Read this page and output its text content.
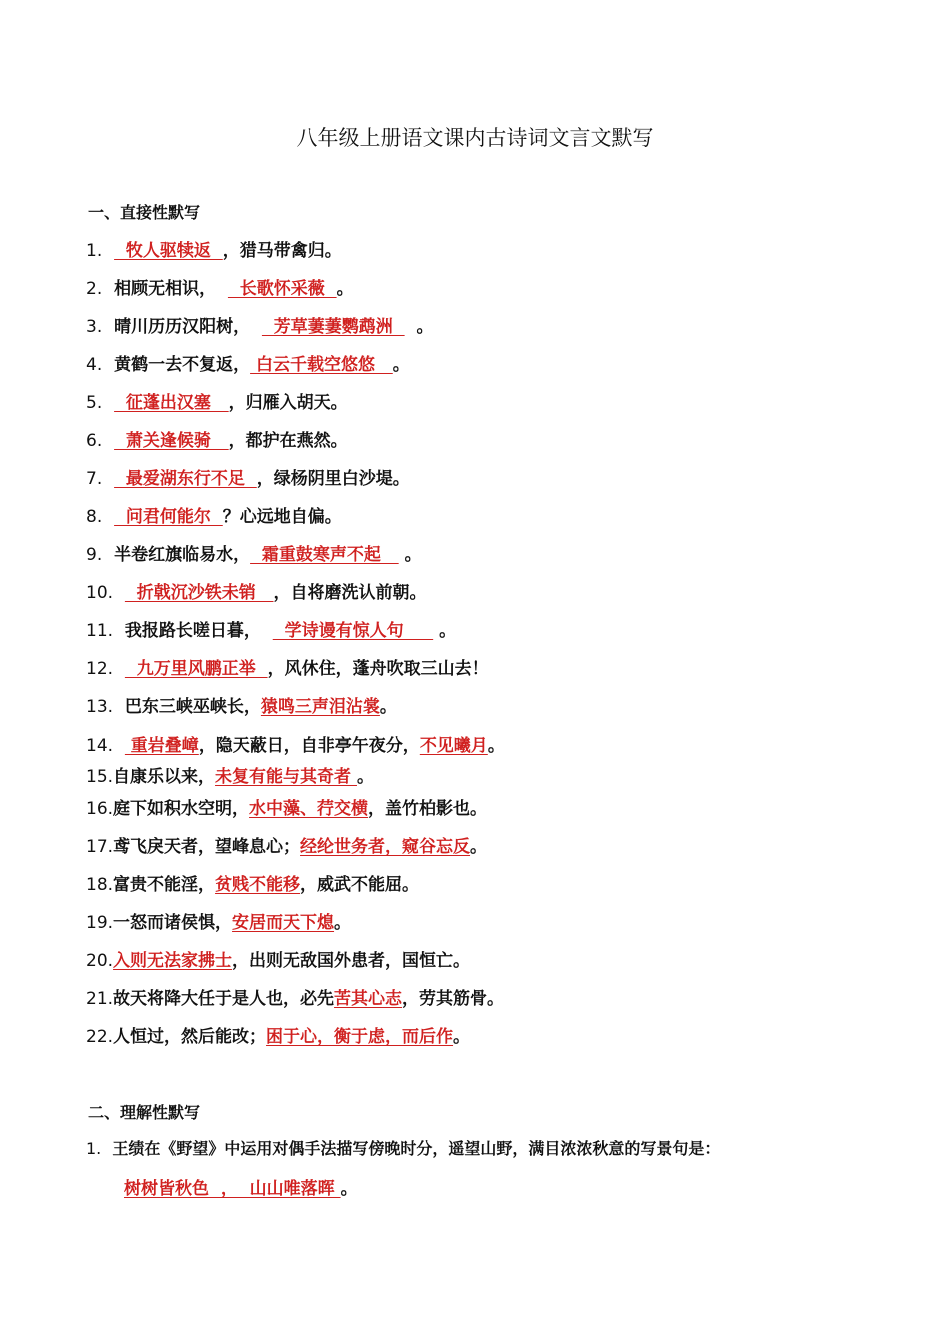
八年级上册语文课内古诗词文言文默写
一、直接性默写
1.    牧人驱犊返  ，猎马带禽归。
2.  相顾无相识，    长歌怀采薇  。
3.  晴川历历汉阳树，    芳草萋萋鹦鹉洲    。
4.  黄鹤一去不复返， 白云千载空悠悠   。
5.    征蓬出汉塞   ，归雁入胡天。
6.    萧关逢候骑   ，都护在燕然。
7.    最爱湖东行不足  ，绿杨阴里白沙堤。
8.    问君何能尔  ？心远地自偏。
9.  半卷红旗临易水，  霜重鼓寒声不起    。
10.    折戟沉沙铁未销   ，自将磨洗认前朝。
11.  我报路长嗟日暮，    学诗谩有惊人句      。
12.    九万里风鹏正举  ，风休住，蓬舟吹取三山去！
13.  巴东三峡巫峡长，猿鸣三声泪沾裳。
14.   重岩叠嶂，隐天蔽日，自非亭午夜分，不见曦月。
15.自康乐以来，未复有能与其奇者 。
16.庭下如积水空明，水中藻、荇交横，盖竹柏影也。
17.鸢飞戾天者，望峰息心；经纶世务者，窥谷忘反。
18.富贵不能淫，贫贱不能移，威武不能屈。
19.一怒而诸侯惧，安居而天下熄。
20.入则无法家拂士，出则无敌国外患者，国恒亡。
21.故天将降大任于是人也，必先苦其心志，劳其筋骨。
22.人恒过，然后能改；困于心，衡于虑，而后作。
二、理解性默写
1.  王绩在《野望》中运用对偶手法描写傍晚时分，遥望山野，满目浓浓秋意的写景句是：
树树皆秋色  ，  山山唯落晖 。
